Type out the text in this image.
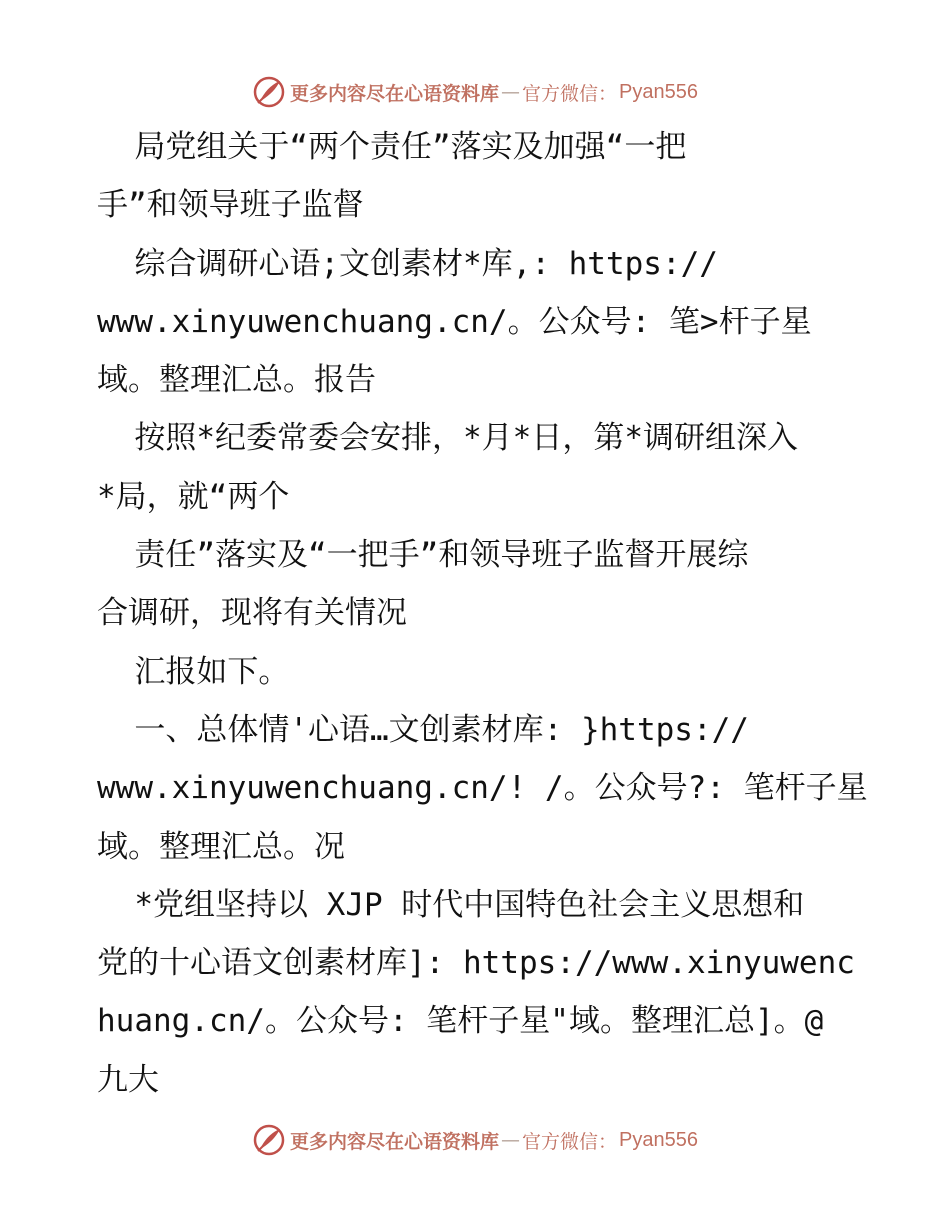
更多内容尽在心语资料库 — 官方微信： Pyan556
局党组关于“两个责任”落实及加强“一把
手”和领导班子监督
综合调研心语;文创素材*库,: https://
www.xinyuwenchuang.cn/。公众号: 笔>杆子星
域。整理汇总。报告
按照*纪委常委会安排，*月*日，第*调研组深入
*局，就“两个
责任”落实及“一把手”和领导班子监督开展综
合调研，现将有关情况
汇报如下。
一、总体情'心语…文创素材库: }https://
www.xinyuwenchuang.cn/! /。公众号?: 笔杆子星
域。整理汇总。况
*党组坚持以 XJP 时代中国特色社会主义思想和
党的十心语文创素材库]: https://www.xinyuwenc
huang.cn/。公众号: 笔杆子星"域。整理汇总]。@
九大
更多内容尽在心语资料库 — 官方微信： Pyan556
